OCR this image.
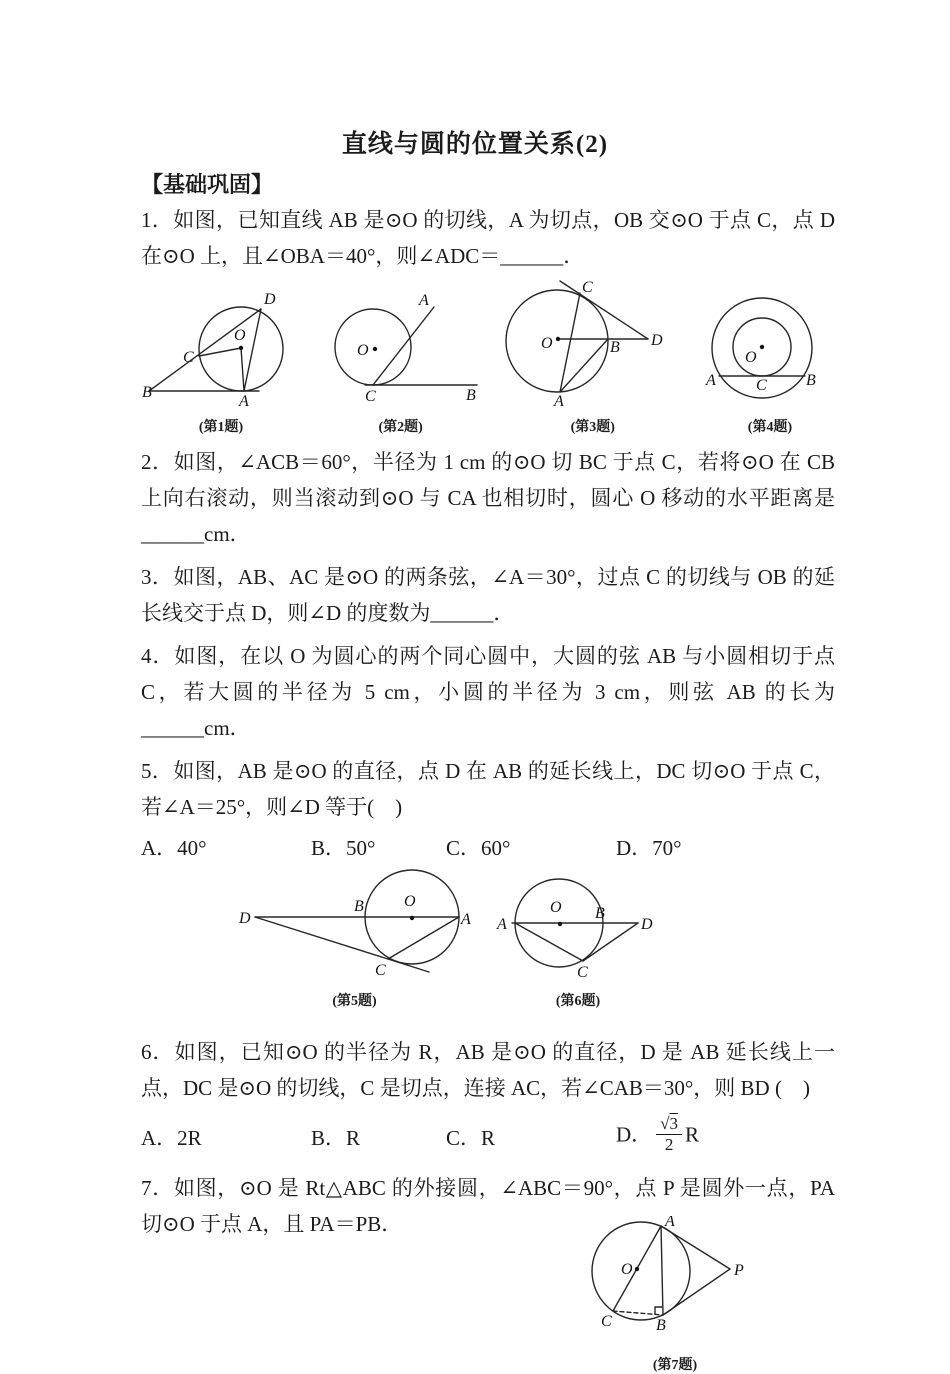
直线与圆的位置关系(2)
【基础巩固】

1．如图，已知直线 AB 是⊙O 的切线，A 为切点，OB 交⊙O 于点 C，点 D 在⊙O 上，且∠OBA＝40°，则∠ADC＝______．

B
C
O
A
D
(第1题)
O
A
C	B
(第2题)
O
C
B D
A
(第3题)
A	C B
O
(第4题)

2．如图，∠ACB＝60°，半径为 1 cm 的⊙O 切 BC 于点 C，若将⊙O 在 CB 上向右滚动，则当滚动到⊙O 与 CA 也相切时，圆心 O 移动的水平距离是______cm．

3．如图，AB、AC 是⊙O 的两条弦，∠A＝30°，过点 C 的切线与 OB 的延长线交于点 D，则∠D 的度数为______．

4．如图，在以 O 为圆心的两个同心圆中，大圆的弦 AB 与小圆相切于点 C，若大圆的半径为 5 cm，小圆的半径为 3 cm，则弦 AB 的长为______cm．

5．如图，AB 是⊙O 的直径，点 D 在 AB 的延长线上，DC 切⊙O 于点 C，若∠A＝25°，则∠D 等于(　)

A．40°	B．50°	C．60°	D．70°
D
B	O
A
C
(第5题)
A
O B
D
C
(第6题)

6．如图，已知⊙O 的半径为 R，AB 是⊙O 的直径，D 是 AB 延长线上一点，DC 是⊙O 的切线，C 是切点，连接 AC，若∠CAB＝30°，则 BD (　)

A．2R	B．R	C．R	D． $\frac{√3}{2}$ R

7．如图，⊙O 是 Rt△ABC 的外接圆，∠ABC＝90°，点 P 是圆外一点，PA 切⊙O 于点 A，且 PA＝PB．

O
A
C	B
P
(第7题)
